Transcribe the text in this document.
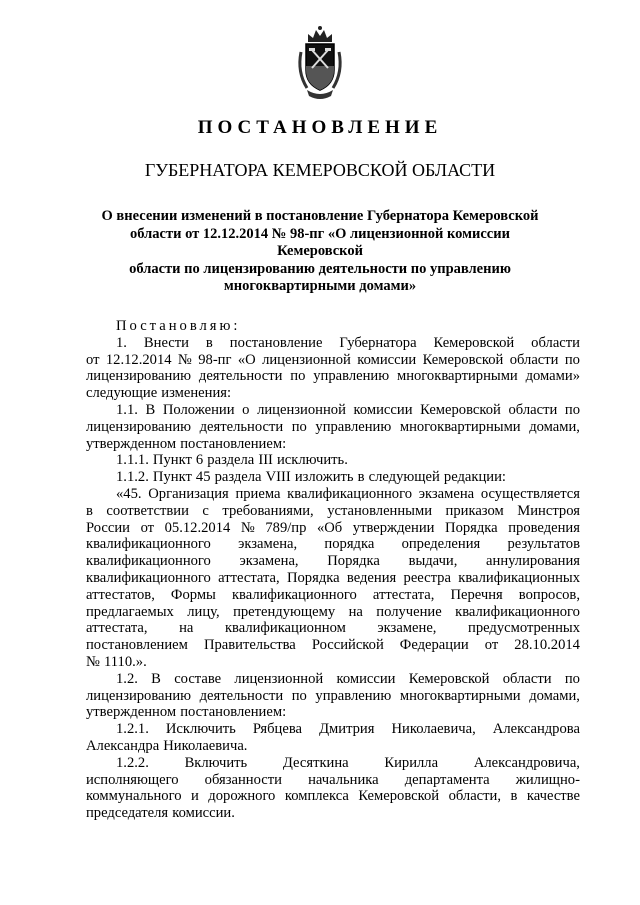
ПОСТАНОВЛЕНИЕ
ГУБЕРНАТОРА КЕМЕРОВСКОЙ ОБЛАСТИ
О внесении изменений в постановление Губернатора Кемеровской
области от 12.12.2014 № 98-пг «О лицензионной комиссии Кемеровской
области по лицензированию деятельности по управлению
многоквартирными домами»
Постановляю:
1. Внести в постановление Губернатора Кемеровской области
от 12.12.2014 № 98-пг «О лицензионной комиссии Кемеровской области по
лицензированию деятельности по управлению многоквартирными домами»
следующие изменения:
1.1. В Положении о лицензионной комиссии Кемеровской области по
лицензированию деятельности по управлению многоквартирными домами,
утвержденном постановлением:
1.1.1. Пункт 6 раздела III исключить.
1.1.2. Пункт 45 раздела VIII изложить в следующей редакции:
«45. Организация приема квалификационного экзамена осуществляется
в соответствии с требованиями, установленными приказом Минстроя
России от 05.12.2014 № 789/пр «Об утверждении Порядка проведения
квалификационного экзамена, порядка определения результатов
квалификационного экзамена, Порядка выдачи, аннулирования
квалификационного аттестата, Порядка ведения реестра квалификационных
аттестатов, Формы квалификационного аттестата, Перечня вопросов,
предлагаемых лицу, претендующему на получение квалификационного
аттестата, на квалификационном экзамене, предусмотренных
постановлением Правительства Российской Федерации от 28.10.2014
№ 1110.».
1.2. В составе лицензионной комиссии Кемеровской области по
лицензированию деятельности по управлению многоквартирными домами,
утвержденном постановлением:
1.2.1. Исключить Рябцева Дмитрия Николаевича, Александрова
Александра Николаевича.
1.2.2. Включить Десяткина Кирилла Александровича,
исполняющего обязанности начальника департамента жилищно-
коммунального и дорожного комплекса Кемеровской области, в качестве
председателя комиссии.
